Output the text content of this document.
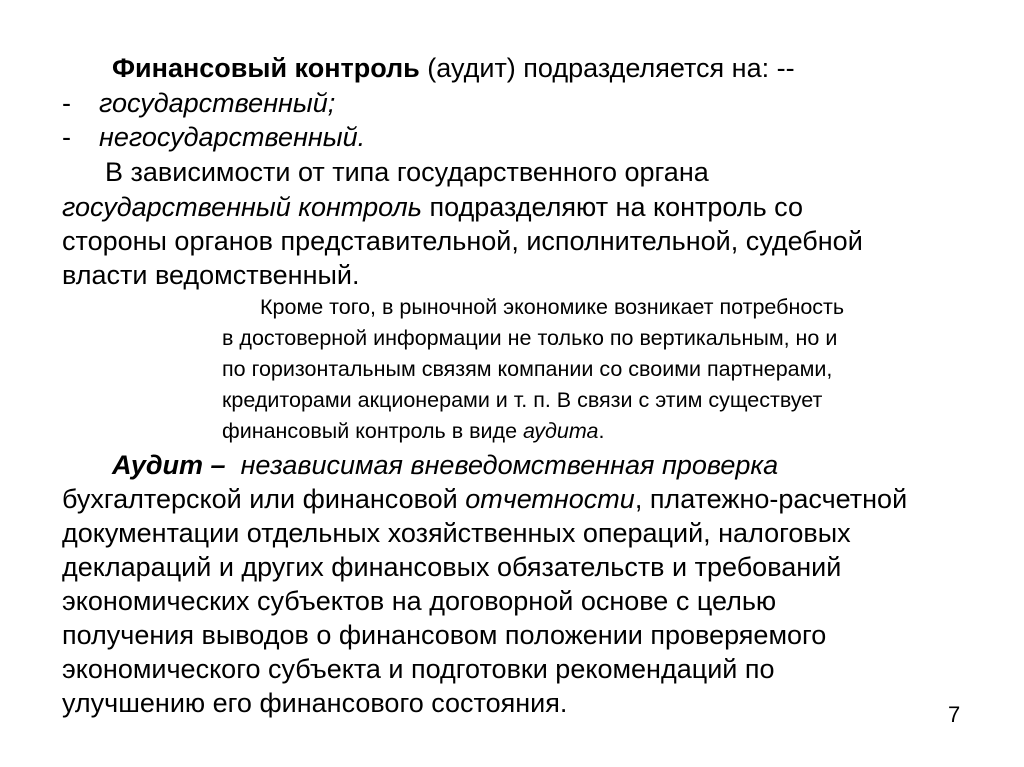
Финансовый контроль (аудит) подразделяется на: --
- государственный;
- негосударственный.
В зависимости от типа государственного органа
государственный контроль подразделяют на контроль со
стороны органов представительной, исполнительной, судебной
власти ведомственный.
Кроме того, в рыночной экономике возникает потребность
в достоверной информации не только по вертикальным, но и
по горизонтальным связям компании со своими партнерами,
кредиторами акционерами и т. п. В связи с этим существует
финансовый контроль в виде аудита.
Аудит –  независимая вневедомственная проверка
бухгалтерской или финансовой отчетности, платежно-расчетной
документации отдельных хозяйственных операций, налоговых
деклараций и других финансовых обязательств и требований
экономических субъектов на договорной основе с целью
получения выводов о финансовом положении проверяемого
экономического субъекта и подготовки рекомендаций по
улучшению его финансового состояния.	7
